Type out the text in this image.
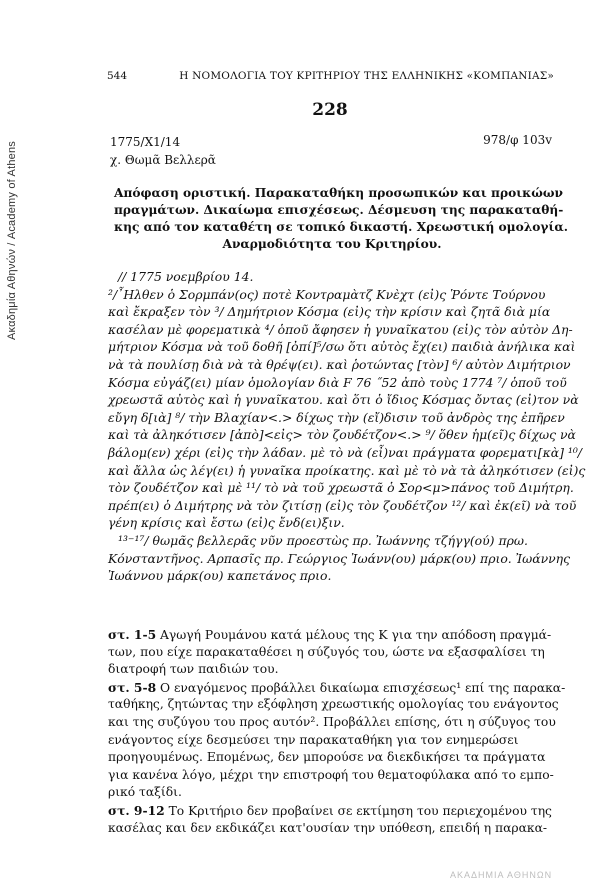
Ακαδημία Αθηνών / Academy of Athens
544	Η ΝΟΜΟΛΟΓΙΑ ΤΟΥ ΚΡΙΤΗΡΙΟΥ ΤΗΣ ΕΛΛΗΝΙΚΗΣ «ΚΟΜΠΑΝΙΑΣ»
228
1775/Χ1/14
χ. Θωμᾶ Βελλερᾶ
978/φ 103v
Απόφαση οριστική. Παρακαταθήκη προσωπικών και προικώων
πραγμάτων. Δικαίωμα επισχέσεως. Δέσμευση της παρακαταθή-
κης από τον καταθέτη σε τοπικό δικαστή. Χρεωστική ομολογία.
Αναρμοδιότητα του Κριτηρίου.
// 1775 νοεμβρίου 14.
²/῏Ηλθεν ὁ Σορμπάν(ος) ποτὲ Κοντραμὰτζ Κνὲχτ (εἰ)ς Ῥόντε Τούρνου
καὶ ἔκραξεν τὸν ³/ Δημήτριον Κόσμα (εἰ)ς τὴν κρίσιν καὶ ζητᾶ διὰ μία
κασέλαν μὲ φορεματικὰ ⁴/ ὁποῦ ἄφησεν ἡ γυναῖκατου (εἰ)ς τὸν αὐτὸν Δη-
μήτριον Κόσμα νὰ τοῦ δοθῆ [ὀπί]⁵/σω ὅτι αὐτὸς ἔχ(ει) παιδιὰ ἀνήλικα καὶ
νὰ τὰ πουλίσῃ διὰ νὰ τὰ θρέψ(ει). καὶ ῥοτώντας [τὸν] ⁶/ αὐτὸν Διμήτριον
Κόσμα εὐγάζ(ει) μίαν ὁμολογίαν διὰ F 76 ˝52 ἀπὸ τοὺς 1774 ⁷/ ὁποῦ τοῦ
χρεωστᾶ αὐτὸς καὶ ἡ γυναῖκατου. καὶ ὅτι ὁ ἴδιος Κόσμας ὄντας (εἰ)τον νὰ
εὔγη δ[ιὰ] ⁸/ τὴν Βλαχίαν<.> δίχως τὴν (εἴ)δισιν τοῦ ἀνδρὸς της ἐπῆρεν
καὶ τὰ ἀληκότισεν [ἀπὸ]<εἰς> τὸν ζουδέτζον<.> ⁹/ ὅθεν ἡμ(εῖ)ς δίχως νὰ
βάλομ(εν) χέρι (εἰ)ς τὴν λάδαν. μὲ τὸ νὰ (εἶ)ναι πράγματα φορεματι[κὰ] ¹⁰/
καὶ ἄλλα ὡς λέγ(ει) ἡ γυναῖκα προίκατης. καὶ μὲ τὸ νὰ τὰ ἀληκότισεν (εἰ)ς
τὸν ζουδέτζον καὶ μὲ ¹¹/ τὸ νὰ τοῦ χρεωστᾶ ὁ Σορ<μ>πάνος τοῦ Διμήτρη.
πρέπ(ει) ὁ Διμήτρης νὰ τὸν ζιτίσῃ (εἰ)ς τὸν ζουδέτζον ¹²/ καὶ ἐκ(εῖ) νὰ τοῦ
γένη κρίσις καὶ ἔστω (εἰ)ς ἔνδ(ει)ξιν.
¹³⁻¹⁷/ θωμᾶς βελλερᾶς νῦν προεστὼς πρ. Ἰωάννης τζήγγ(ού) πρω.
Κόνσταντῆνος. Αρπασῖς πρ. Γεώργιος Ἰωάνν(ου) μάρκ(ου) πριο. Ἰωάννης
Ἰωάννου μάρκ(ου) καπετάνος πριο.
στ. 1-5 Αγωγή Ρουμάνου κατά μέλους της Κ για την απόδοση πραγμά-
των, που είχε παρακαταθέσει η σύζυγός του, ώστε να εξασφαλίσει τη
διατροφή των παιδιών του.
στ. 5-8 Ο εναγόμενος προβάλλει δικαίωμα επισχέσεως¹ επί της παρακα-
ταθήκης, ζητώντας την εξόφληση χρεωστικής ομολογίας του ενάγοντος
και της συζύγου του προς αυτόν². Προβάλλει επίσης, ότι η σύζυγος του
ενάγοντος είχε δεσμεύσει την παρακαταθήκη για τον ενημερώσει
προηγουμένως. Επομένως, δεν μπορούσε να διεκδικήσει τα πράγματα
για κανένα λόγο, μέχρι την επιστροφή του θεματοφύλακα από το εμπο-
ρικό ταξίδι.
στ. 9-12 Το Κριτήριο δεν προβαίνει σε εκτίμηση του περιεχομένου της
κασέλας και δεν εκδικάζει κατ'ουσίαν την υπόθεση, επειδή η παρακα-
ΑΚΑΔΗΜΙΑ ΑΘΗΝΩΝ
